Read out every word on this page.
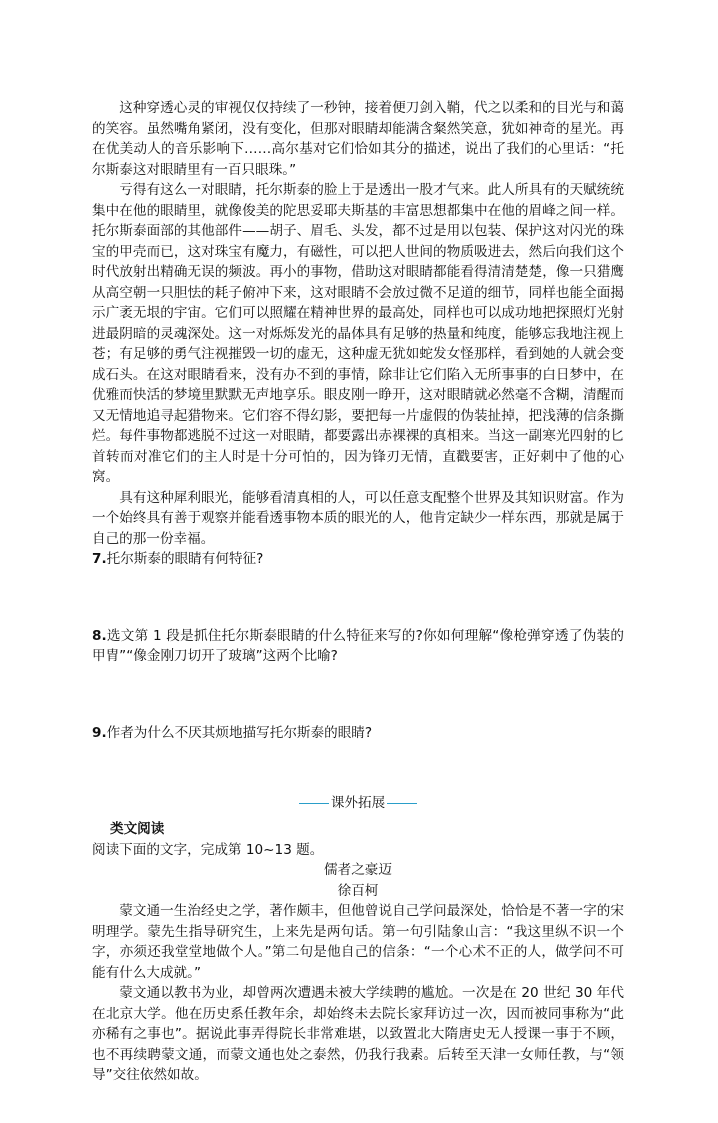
这种穿透心灵的审视仅仅持续了一秒钟，接着便刀剑入鞘，代之以柔和的目光与和蔼的笑容。虽然嘴角紧闭，没有变化，但那对眼睛却能满含粲然笑意，犹如神奇的星光。再在优美动人的音乐影响下……高尔基对它们恰如其分的描述，说出了我们的心里话：“托尔斯泰这对眼睛里有一百只眼珠。”

亏得有这么一对眼睛，托尔斯泰的脸上于是透出一股才气来。此人所具有的天赋统统集中在他的眼睛里，就像俊美的陀思妥耶夫斯基的丰富思想都集中在他的眉峰之间一样。托尔斯泰面部的其他部件——胡子、眉毛、头发，都不过是用以包装、保护这对闪光的珠宝的甲壳而已，这对珠宝有魔力，有磁性，可以把人世间的物质吸进去，然后向我们这个时代放射出精确无误的频波。再小的事物，借助这对眼睛都能看得清清楚楚，像一只猎鹰从高空朝一只胆怯的耗子俯冲下来，这对眼睛不会放过微不足道的细节，同样也能全面揭示广袤无垠的宇宙。它们可以照耀在精神世界的最高处，同样也可以成功地把探照灯光射进最阴暗的灵魂深处。这一对烁烁发光的晶体具有足够的热量和纯度，能够忘我地注视上苍；有足够的勇气注视摧毁一切的虚无，这种虚无犹如蛇发女怪那样，看到她的人就会变成石头。在这对眼睛看来，没有办不到的事情，除非让它们陷入无所事事的白日梦中，在优雅而快活的梦境里默默无声地享乐。眼皮刚一睁开，这对眼睛就必然毫不含糊，清醒而又无情地追寻起猎物来。它们容不得幻影，要把每一片虚假的伪装扯掉，把浅薄的信条撕烂。每件事物都逃脱不过这一对眼睛，都要露出赤裸裸的真相来。当这一副寒光四射的匕首转而对准它们的主人时是十分可怕的，因为锋刃无情，直戳要害，正好刺中了他的心窝。

具有这种犀利眼光，能够看清真相的人，可以任意支配整个世界及其知识财富。作为一个始终具有善于观察并能看透事物本质的眼光的人，他肯定缺少一样东西，那就是属于自己的那一份幸福。

7.托尔斯泰的眼睛有何特征?

8.选文第 1 段是抓住托尔斯泰眼睛的什么特征来写的?你如何理解“像枪弹穿透了伪装的甲胄”“像金刚刀切开了玻璃”这两个比喻?

9.作者为什么不厌其烦地描写托尔斯泰的眼睛?

课外拓展

类文阅读

阅读下面的文字，完成第 10~13 题。

儒者之豪迈

徐百柯

蒙文通一生治经史之学，著作颇丰，但他曾说自己学问最深处，恰恰是不著一字的宋明理学。蒙先生指导研究生，上来先是两句话。第一句引陆象山言：“我这里纵不识一个字，亦须还我堂堂地做个人。”第二句是他自己的信条：“一个心术不正的人，做学问不可能有什么大成就。”

蒙文通以教书为业，却曾两次遭遇未被大学续聘的尴尬。一次是在 20 世纪 30 年代在北京大学。他在历史系任教年余，却始终未去院长家拜访过一次，因而被同事称为“此亦稀有之事也”。据说此事弄得院长非常难堪，以致置北大隋唐史无人授课一事于不顾，也不再续聘蒙文通，而蒙文通也处之泰然，仍我行我素。后转至天津一女师任教，与“领导”交往依然如故。
